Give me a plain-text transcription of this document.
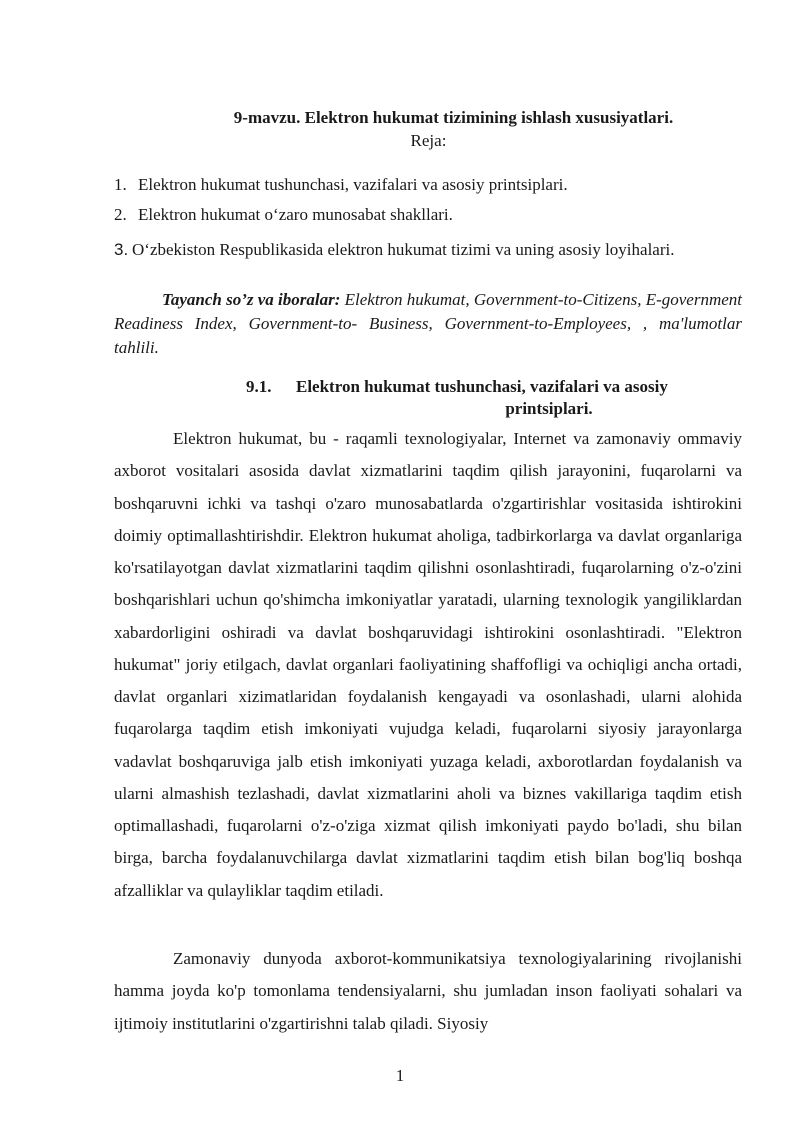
9-mavzu. Elektron hukumat tizimining ishlash xususiyatlari.
Reja:
1. Elektron hukumat tushunchasi, vazifalari va asosiy printsiplari.
2. Elektron hukumat o‘zaro munosabat shakllari.
3. O‘zbekiston Respublikasida elektron hukumat tizimi va uning asosiy loyihalari.
Tayanch so’z va iboralar: Elektron hukumat, Government-to-Citizens, E-government Readiness Index, Government-to- Business, Government-to-Employees, , ma'lumotlar tahlili.
9.1. Elektron hukumat tushunchasi, vazifalari va asosiy
printsiplari.
Elektron hukumat, bu - raqamli texnologiyalar, Internet va zamonaviy ommaviy axborot vositalari asosida davlat xizmatlarini taqdim qilish jarayonini, fuqarolarni va boshqaruvni ichki va tashqi o'zaro munosabatlarda o'zgartirishlar vositasida ishtirokini doimiy optimallashtirishdir. Elektron hukumat aholiga, tadbirkorlarga va davlat organlariga ko'rsatilayotgan davlat xizmatlarini taqdim qilishni osonlashtiradi, fuqarolarning o'z-o'zini boshqarishlari uchun qo'shimcha imkoniyatlar yaratadi, ularning texnologik yangiliklardan xabardorligini oshiradi va davlat boshqaruvidagi ishtirokini osonlashtiradi. "Elektron hukumat" joriy etilgach, davlat organlari faoliyatining shaffofligi va ochiqligi ancha ortadi, davlat organlari xizimatlaridan foydalanish kengayadi va osonlashadi, ularni alohida fuqarolarga taqdim etish imkoniyati vujudga keladi, fuqarolarni siyosiy jarayonlarga vadavlat boshqaruviga jalb etish imkoniyati yuzaga keladi, axborotlardan foydalanish va ularni almashish tezlashadi, davlat xizmatlarini aholi va biznes vakillariga taqdim etish optimallashadi, fuqarolarni o'z-o'ziga xizmat qilish imkoniyati paydo bo'ladi, shu bilan birga, barcha foydalanuvchilarga davlat xizmatlarini taqdim etish bilan bog'liq boshqa afzalliklar va qulayliklar taqdim etiladi.
Zamonaviy dunyoda axborot-kommunikatsiya texnologiyalarining rivojlanishi hamma joyda ko'p tomonlama tendensiyalarni, shu jumladan inson faoliyati sohalari va ijtimoiy institutlarini o'zgartirishni talab qiladi. Siyosiy
1
